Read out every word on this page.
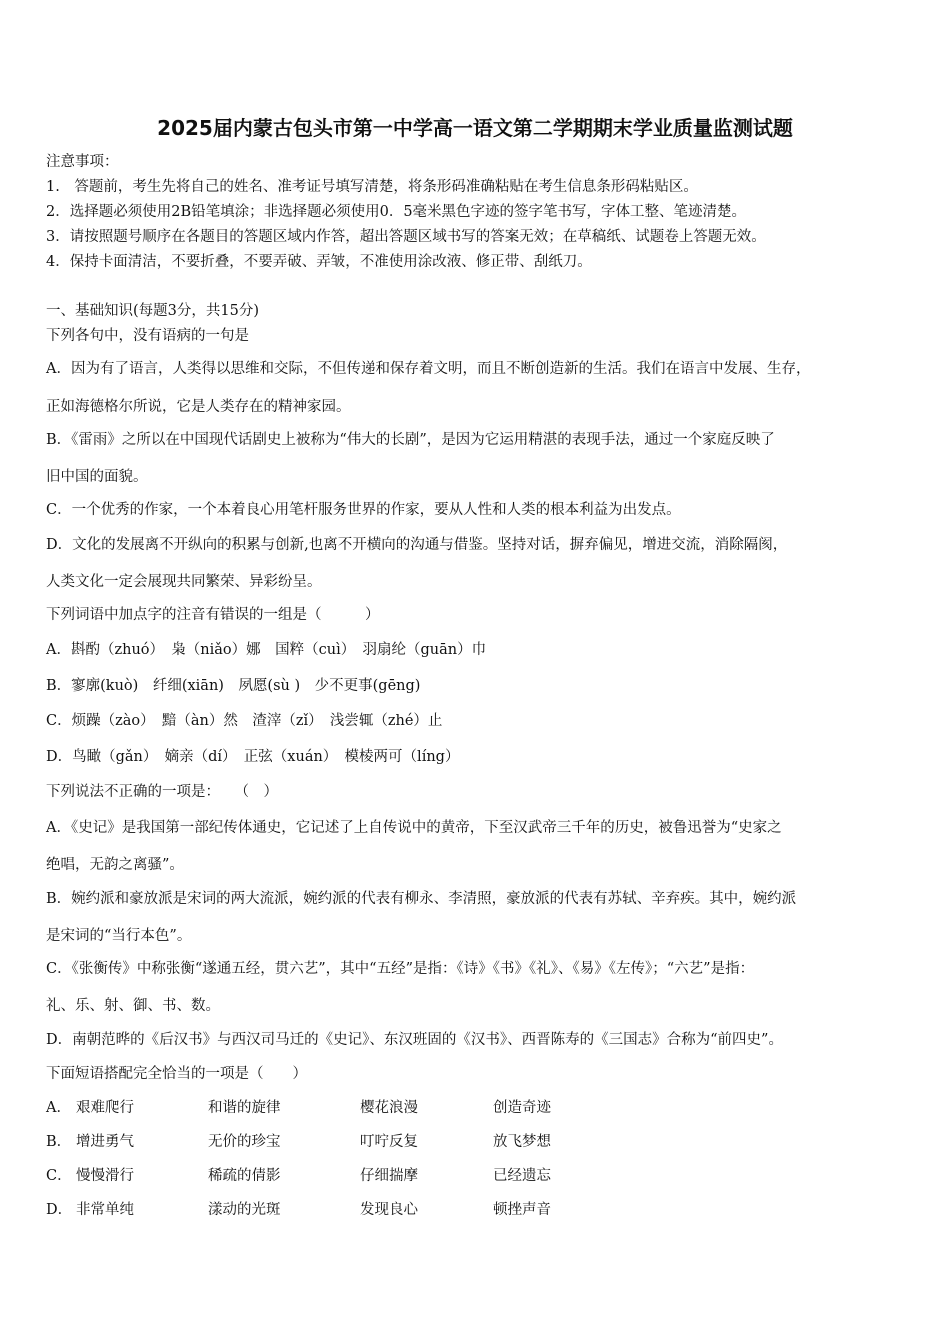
2025届内蒙古包头市第一中学高一语文第二学期期末学业质量监测试题
注意事项：
1.　答题前，考生先将自己的姓名、准考证号填写清楚，将条形码准确粘贴在考生信息条形码粘贴区。
2．选择题必须使用2B铅笔填涂；非选择题必须使用0．5毫米黑色字迹的签字笔书写，字体工整、笔迹清楚。
3．请按照题号顺序在各题目的答题区域内作答，超出答题区域书写的答案无效；在草稿纸、试题卷上答题无效。
4．保持卡面清洁，不要折叠，不要弄破、弄皱，不准使用涂改液、修正带、刮纸刀。
一、基础知识(每题3分，共15分)
下列各句中，没有语病的一句是
A．因为有了语言，人类得以思维和交际，不但传递和保存着文明，而且不断创造新的生活。我们在语言中发展、生存，
正如海德格尔所说，它是人类存在的精神家园。
B．《雷雨》之所以在中国现代话剧史上被称为“伟大的长剧”，是因为它运用精湛的表现手法，通过一个家庭反映了
旧中国的面貌。
C．一个优秀的作家，一个本着良心用笔杆服务世界的作家，要从人性和人类的根本利益为出发点。
D．文化的发展离不开纵向的积累与创新,也离不开横向的沟通与借鉴。坚持对话，摒弃偏见，增进交流，消除隔阂，
人类文化一定会展现共同繁荣、异彩纷呈。
下列词语中加点字的注音有错误的一组是（　　　）
A．斟酌（zhuó）　枭（niǎo）娜　国粹（cuì）　羽扇纶（guān）巾
B．寥廓(kuò)　纤细(xiān)　夙愿(sù )　少不更事(gēng)
C．烦躁（zào）　黯（àn）然　渣滓（zǐ）　浅尝辄（zhé）止
D．鸟瞰（gǎn）　嫡亲（dí）　正弦（xuán）　模棱两可（líng）
下列说法不正确的一项是：　　（　）
A．《史记》是我国第一部纪传体通史，它记述了上自传说中的黄帝，下至汉武帝三千年的历史，被鲁迅誉为“史家之
绝唱，无韵之离骚”。
B．婉约派和豪放派是宋词的两大流派，婉约派的代表有柳永、李清照，豪放派的代表有苏轼、辛弃疾。其中，婉约派
是宋词的“当行本色”。
C．《张衡传》中称张衡“遂通五经，贯六艺”，其中“五经”是指：《诗》《书》《礼》、《易》《左传》；“六艺”是指：
礼、乐、射、御、书、数。
D．南朝范晔的《后汉书》与西汉司马迁的《史记》、东汉班固的《汉书》、西晋陈寿的《三国志》合称为“前四史”。
下面短语搭配完全恰当的一项是（　　）
A． 艰难爬行	和谐的旋律	樱花浪漫	创造奇迹
B． 增进勇气	无价的珍宝	叮咛反复	放飞梦想
C． 慢慢滑行	稀疏的倩影	仔细揣摩	已经遗忘
D． 非常单纯	漾动的光斑	发现良心	顿挫声音
